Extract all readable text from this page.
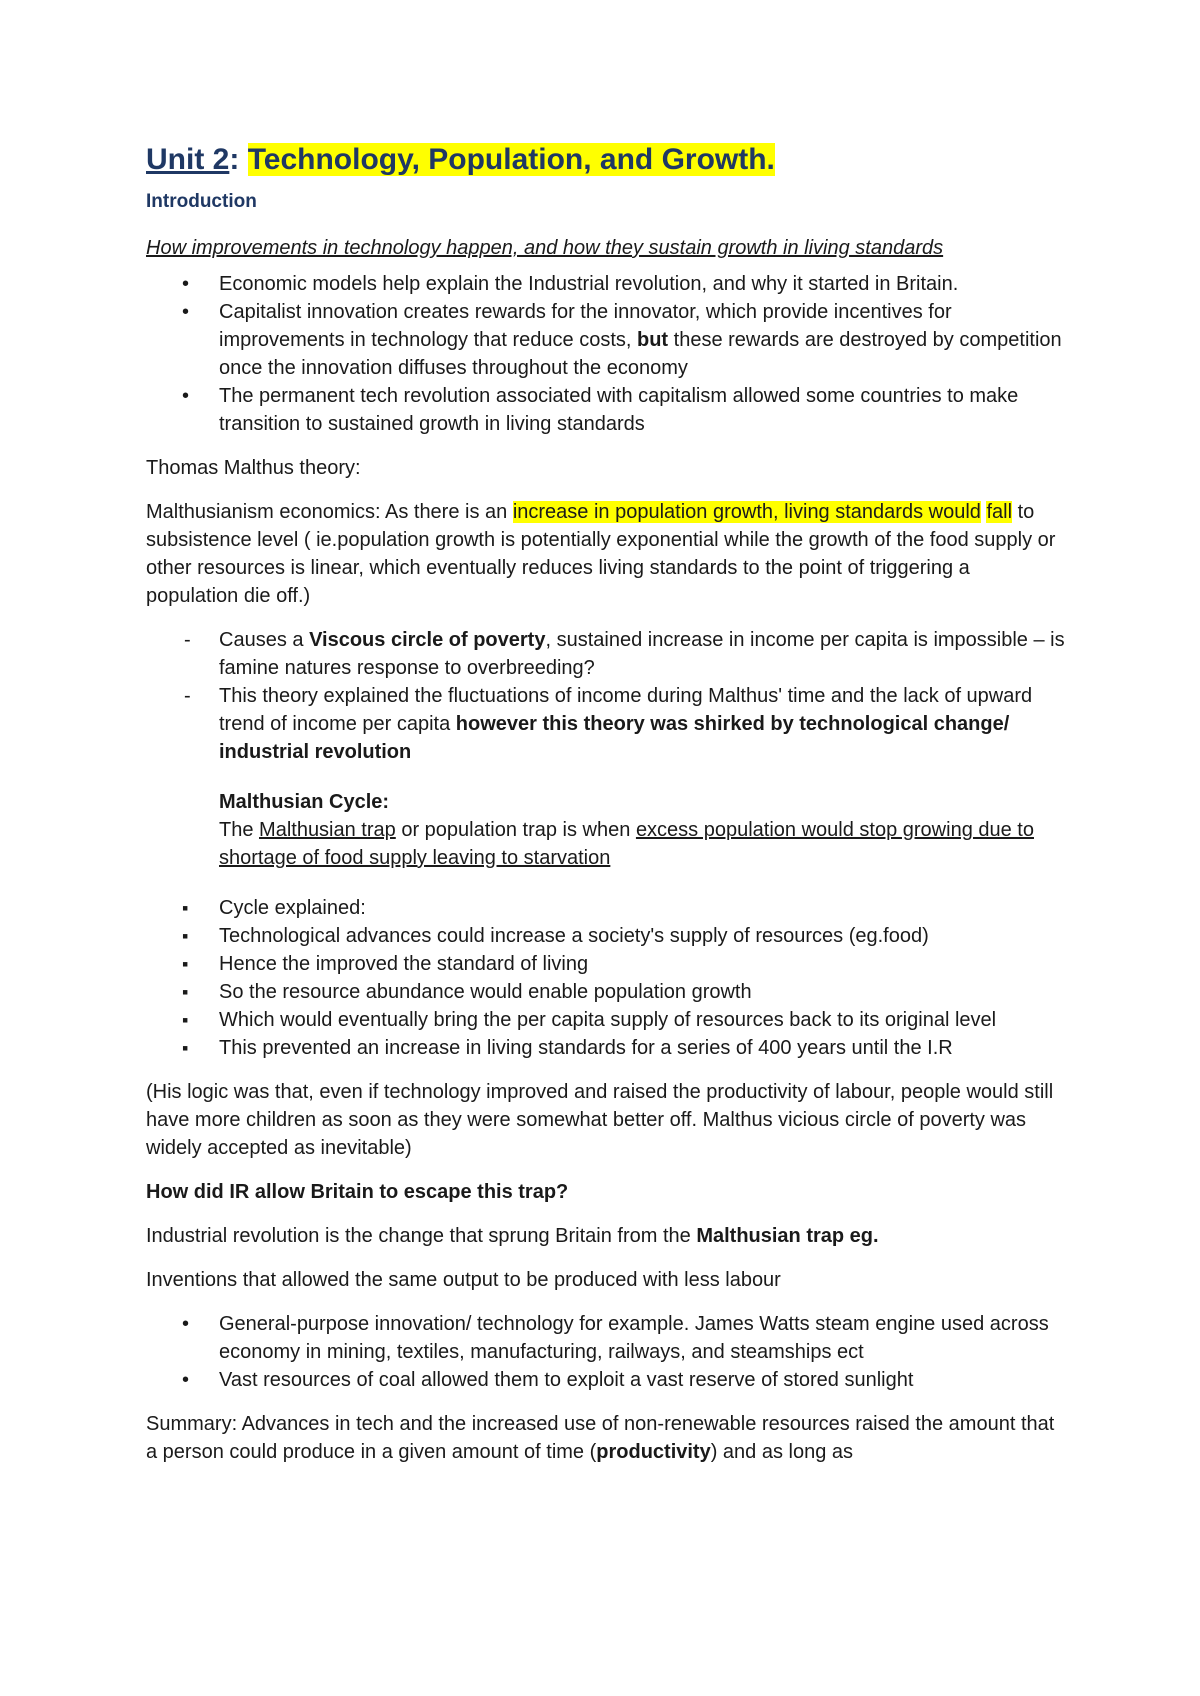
Unit 2: Technology, Population, and Growth.
Introduction
How improvements in technology happen, and how they sustain growth in living standards
• Economic models help explain the Industrial revolution, and why it started in Britain.
• Capitalist innovation creates rewards for the innovator, which provide incentives for improvements in technology that reduce costs, but these rewards are destroyed by competition once the innovation diffuses throughout the economy
• The permanent tech revolution associated with capitalism allowed some countries to make transition to sustained growth in living standards
Thomas Malthus theory:
Malthusianism economics: As there is an increase in population growth, living standards would fall to subsistence level ( ie.population growth is potentially exponential while the growth of the food supply or other resources is linear, which eventually reduces living standards to the point of triggering a population die off.)
- Causes a Viscous circle of poverty, sustained increase in income per capita is impossible – is famine natures response to overbreeding?
- This theory explained the fluctuations of income during Malthus' time and the lack of upward trend of income per capita however this theory was shirked by technological change/ industrial revolution
Malthusian Cycle:
The Malthusian trap or population trap is when excess population would stop growing due to shortage of food supply leaving to starvation
▪ Cycle explained:
▪ Technological advances could increase a society's supply of resources (eg.food)
▪ Hence the improved the standard of living
▪ So the resource abundance would enable population growth
▪ Which would eventually bring the per capita supply of resources back to its original level
▪ This prevented an increase in living standards for a series of 400 years until the I.R
(His logic was that, even if technology improved and raised the productivity of labour, people would still have more children as soon as they were somewhat better off. Malthus vicious circle of poverty was widely accepted as inevitable)
How did IR allow Britain to escape this trap?
Industrial revolution is the change that sprung Britain from the Malthusian trap eg.
Inventions that allowed the same output to be produced with less labour
• General-purpose innovation/ technology for example. James Watts steam engine used across economy in mining, textiles, manufacturing, railways, and steamships ect
• Vast resources of coal allowed them to exploit a vast reserve of stored sunlight
Summary: Advances in tech and the increased use of non-renewable resources raised the amount that a person could produce in a given amount of time (productivity) and as long as
